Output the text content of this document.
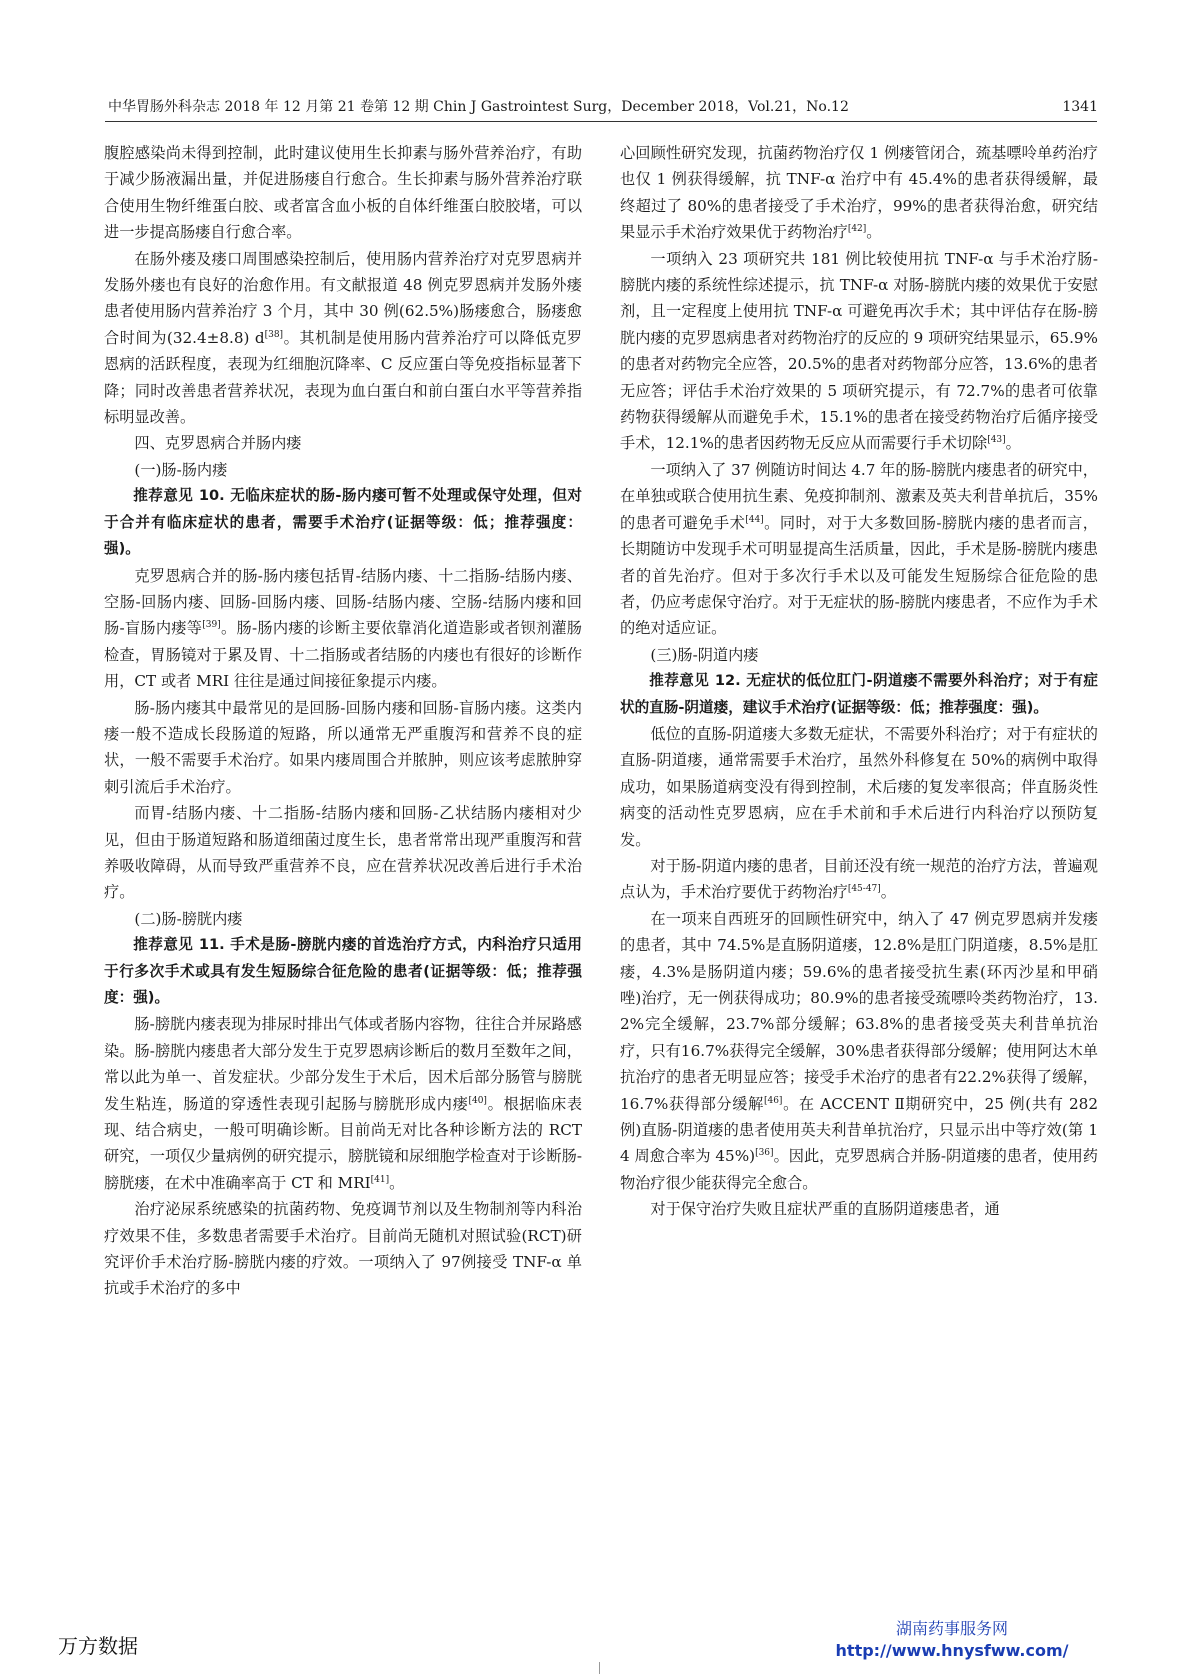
中华胃肠外科杂志 2018 年 12 月第 21 卷第 12 期 Chin J Gastrointest Surg，December 2018，Vol.21，No.12	1341

腹腔感染尚未得到控制，此时建议使用生长抑素与肠外营养治疗，有助于减少肠液漏出量，并促进肠瘘自行愈合。生长抑素与肠外营养治疗联合使用生物纤维蛋白胶、或者富含血小板的自体纤维蛋白胶胶堵，可以进一步提高肠瘘自行愈合率。

在肠外瘘及瘘口周围感染控制后，使用肠内营养治疗对克罗恩病并发肠外瘘也有良好的治愈作用。有文献报道 48 例克罗恩病并发肠外瘘患者使用肠内营养治疗 3 个月，其中 30 例(62.5%)肠瘘愈合，肠瘘愈合时间为(32.4±8.8) d[38]。其机制是使用肠内营养治疗可以降低克罗恩病的活跃程度，表现为红细胞沉降率、C 反应蛋白等免疫指标显著下降；同时改善患者营养状况，表现为血白蛋白和前白蛋白水平等营养指标明显改善。

四、克罗恩病合并肠内瘘

(一)肠-肠内瘘

推荐意见 10. 无临床症状的肠-肠内瘘可暂不处理或保守处理，但对于合并有临床症状的患者，需要手术治疗(证据等级：低；推荐强度：强)。

克罗恩病合并的肠-肠内瘘包括胃-结肠内瘘、十二指肠-结肠内瘘、空肠-回肠内瘘、回肠-回肠内瘘、回肠-结肠内瘘、空肠-结肠内瘘和回肠-盲肠内瘘等[39]。肠-肠内瘘的诊断主要依靠消化道造影或者钡剂灌肠检查，胃肠镜对于累及胃、十二指肠或者结肠的内瘘也有很好的诊断作用，CT 或者 MRI 往往是通过间接征象提示内瘘。

肠-肠内瘘其中最常见的是回肠-回肠内瘘和回肠-盲肠内瘘。这类内瘘一般不造成长段肠道的短路，所以通常无严重腹泻和营养不良的症状，一般不需要手术治疗。如果内瘘周围合并脓肿，则应该考虑脓肿穿刺引流后手术治疗。

而胃-结肠内瘘、十二指肠-结肠内瘘和回肠-乙状结肠内瘘相对少见，但由于肠道短路和肠道细菌过度生长，患者常常出现严重腹泻和营养吸收障碍，从而导致严重营养不良，应在营养状况改善后进行手术治疗。

(二)肠-膀胱内瘘

推荐意见 11. 手术是肠-膀胱内瘘的首选治疗方式，内科治疗只适用于行多次手术或具有发生短肠综合征危险的患者(证据等级：低；推荐强度：强)。

肠-膀胱内瘘表现为排尿时排出气体或者肠内容物，往往合并尿路感染。肠-膀胱内瘘患者大部分发生于克罗恩病诊断后的数月至数年之间，常以此为单一、首发症状。少部分发生于术后，因术后部分肠管与膀胱发生粘连，肠道的穿透性表现引起肠与膀胱形成内瘘[40]。根据临床表现、结合病史，一般可明确诊断。目前尚无对比各种诊断方法的 RCT 研究，一项仅少量病例的研究提示，膀胱镜和尿细胞学检查对于诊断肠-膀胱瘘，在术中准确率高于 CT 和 MRI[41]。

治疗泌尿系统感染的抗菌药物、免疫调节剂以及生物制剂等内科治疗效果不佳，多数患者需要手术治疗。目前尚无随机对照试验(RCT)研究评价手术治疗肠-膀胱内瘘的疗效。一项纳入了 97例接受 TNF-α 单抗或手术治疗的多中

心回顾性研究发现，抗菌药物治疗仅 1 例瘘管闭合，巯基嘌呤单药治疗也仅 1 例获得缓解，抗 TNF-α 治疗中有 45.4%的患者获得缓解，最终超过了 80%的患者接受了手术治疗，99%的患者获得治愈，研究结果显示手术治疗效果优于药物治疗[42]。

一项纳入 23 项研究共 181 例比较使用抗 TNF-α 与手术治疗肠-膀胱内瘘的系统性综述提示，抗 TNF-α 对肠-膀胱内瘘的效果优于安慰剂，且一定程度上使用抗 TNF-α 可避免再次手术；其中评估存在肠-膀胱内瘘的克罗恩病患者对药物治疗的反应的 9 项研究结果显示，65.9%的患者对药物完全应答，20.5%的患者对药物部分应答，13.6%的患者无应答；评估手术治疗效果的 5 项研究提示，有 72.7%的患者可依靠药物获得缓解从而避免手术，15.1%的患者在接受药物治疗后循序接受手术，12.1%的患者因药物无反应从而需要行手术切除[43]。

一项纳入了 37 例随访时间达 4.7 年的肠-膀胱内瘘患者的研究中，在单独或联合使用抗生素、免疫抑制剂、激素及英夫利昔单抗后，35%的患者可避免手术[44]。同时，对于大多数回肠-膀胱内瘘的患者而言，长期随访中发现手术可明显提高生活质量，因此，手术是肠-膀胱内瘘患者的首先治疗。但对于多次行手术以及可能发生短肠综合征危险的患者，仍应考虑保守治疗。对于无症状的肠-膀胱内瘘患者，不应作为手术的绝对适应证。

(三)肠-阴道内瘘

推荐意见 12. 无症状的低位肛门-阴道瘘不需要外科治疗；对于有症状的直肠-阴道瘘，建议手术治疗(证据等级：低；推荐强度：强)。

低位的直肠-阴道瘘大多数无症状，不需要外科治疗；对于有症状的直肠-阴道瘘，通常需要手术治疗，虽然外科修复在 50%的病例中取得成功，如果肠道病变没有得到控制，术后瘘的复发率很高；伴直肠炎性病变的活动性克罗恩病，应在手术前和手术后进行内科治疗以预防复发。

对于肠-阴道内瘘的患者，目前还没有统一规范的治疗方法，普遍观点认为，手术治疗要优于药物治疗[45-47]。

在一项来自西班牙的回顾性研究中，纳入了 47 例克罗恩病并发瘘的患者，其中 74.5%是直肠阴道瘘，12.8%是肛门阴道瘘，8.5%是肛瘘，4.3%是肠阴道内瘘；59.6%的患者接受抗生素(环丙沙星和甲硝唑)治疗，无一例获得成功；80.9%的患者接受巯嘌呤类药物治疗，13.2%完全缓解，23.7%部分缓解；63.8%的患者接受英夫利昔单抗治疗，只有16.7%获得完全缓解，30%患者获得部分缓解；使用阿达木单抗治疗的患者无明显应答；接受手术治疗的患者有22.2%获得了缓解，16.7%获得部分缓解[46]。在 ACCENT Ⅱ期研究中，25 例(共有 282 例)直肠-阴道瘘的患者使用英夫利昔单抗治疗，只显示出中等疗效(第 14 周愈合率为 45%)[36]。因此，克罗恩病合并肠-阴道瘘的患者，使用药物治疗很少能获得完全愈合。

对于保守治疗失败且症状严重的直肠阴道瘘患者，通

万方数据
湖南药事服务网
http://www.hnysfww.com/
